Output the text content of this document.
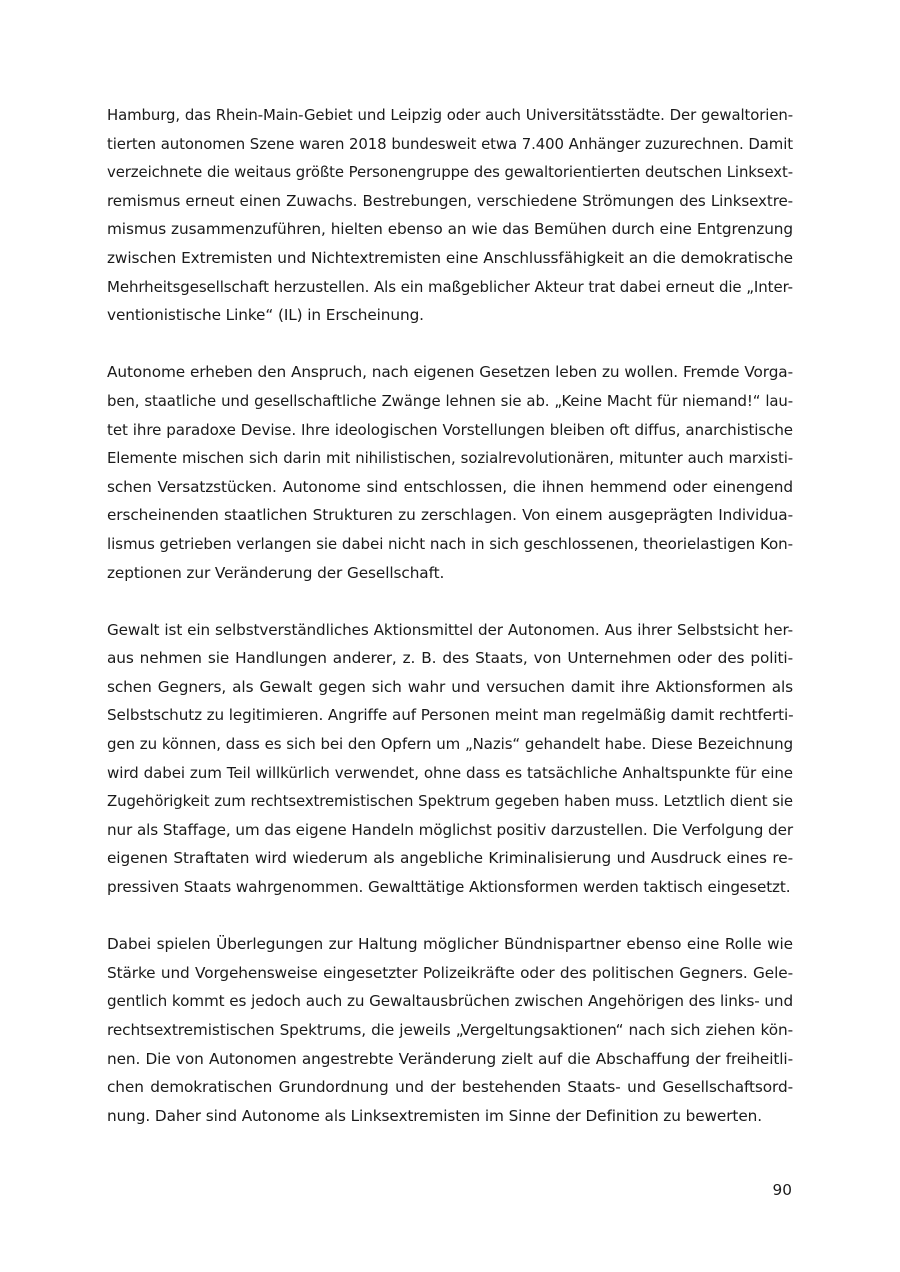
Hamburg, das Rhein-Main-Gebiet und Leipzig oder auch Universitätsstädte. Der gewaltorien-
tierten autonomen Szene waren 2018 bundesweit etwa 7.400 Anhänger zuzurechnen. Damit
verzeichnete die weitaus größte Personengruppe des gewaltorientierten deutschen Linksext-
remismus erneut einen Zuwachs. Bestrebungen, verschiedene Strömungen des Linksextre-
mismus zusammenzuführen, hielten ebenso an wie das Bemühen durch eine Entgrenzung
zwischen Extremisten und Nichtextremisten eine Anschlussfähigkeit an die demokratische
Mehrheitsgesellschaft herzustellen. Als ein maßgeblicher Akteur trat dabei erneut die „Inter-
ventionistische Linke“ (IL) in Erscheinung.

Autonome erheben den Anspruch, nach eigenen Gesetzen leben zu wollen. Fremde Vorga-
ben, staatliche und gesellschaftliche Zwänge lehnen sie ab. „Keine Macht für niemand!“ lau-
tet ihre paradoxe Devise. Ihre ideologischen Vorstellungen bleiben oft diffus, anarchistische
Elemente mischen sich darin mit nihilistischen, sozialrevolutionären, mitunter auch marxisti-
schen Versatzstücken. Autonome sind entschlossen, die ihnen hemmend oder einengend
erscheinenden staatlichen Strukturen zu zerschlagen. Von einem ausgeprägten Individua-
lismus getrieben verlangen sie dabei nicht nach in sich geschlossenen, theorielastigen Kon-
zeptionen zur Veränderung der Gesellschaft.

Gewalt ist ein selbstverständliches Aktionsmittel der Autonomen. Aus ihrer Selbstsicht her-
aus nehmen sie Handlungen anderer, z. B. des Staats, von Unternehmen oder des politi-
schen Gegners, als Gewalt gegen sich wahr und versuchen damit ihre Aktionsformen als
Selbstschutz zu legitimieren. Angriffe auf Personen meint man regelmäßig damit rechtferti-
gen zu können, dass es sich bei den Opfern um „Nazis“ gehandelt habe. Diese Bezeichnung
wird dabei zum Teil willkürlich verwendet, ohne dass es tatsächliche Anhaltspunkte für eine
Zugehörigkeit zum rechtsextremistischen Spektrum gegeben haben muss. Letztlich dient sie
nur als Staffage, um das eigene Handeln möglichst positiv darzustellen. Die Verfolgung der
eigenen Straftaten wird wiederum als angebliche Kriminalisierung und Ausdruck eines re-
pressiven Staats wahrgenommen. Gewalttätige Aktionsformen werden taktisch eingesetzt.

Dabei spielen Überlegungen zur Haltung möglicher Bündnispartner ebenso eine Rolle wie
Stärke und Vorgehensweise eingesetzter Polizeikräfte oder des politischen Gegners. Gele-
gentlich kommt es jedoch auch zu Gewaltausbrüchen zwischen Angehörigen des links- und
rechtsextremistischen Spektrums, die jeweils „Vergeltungsaktionen“ nach sich ziehen kön-
nen. Die von Autonomen angestrebte Veränderung zielt auf die Abschaffung der freiheitli-
chen demokratischen Grundordnung und der bestehenden Staats- und Gesellschaftsord-
nung. Daher sind Autonome als Linksextremisten im Sinne der Definition zu bewerten.

90
